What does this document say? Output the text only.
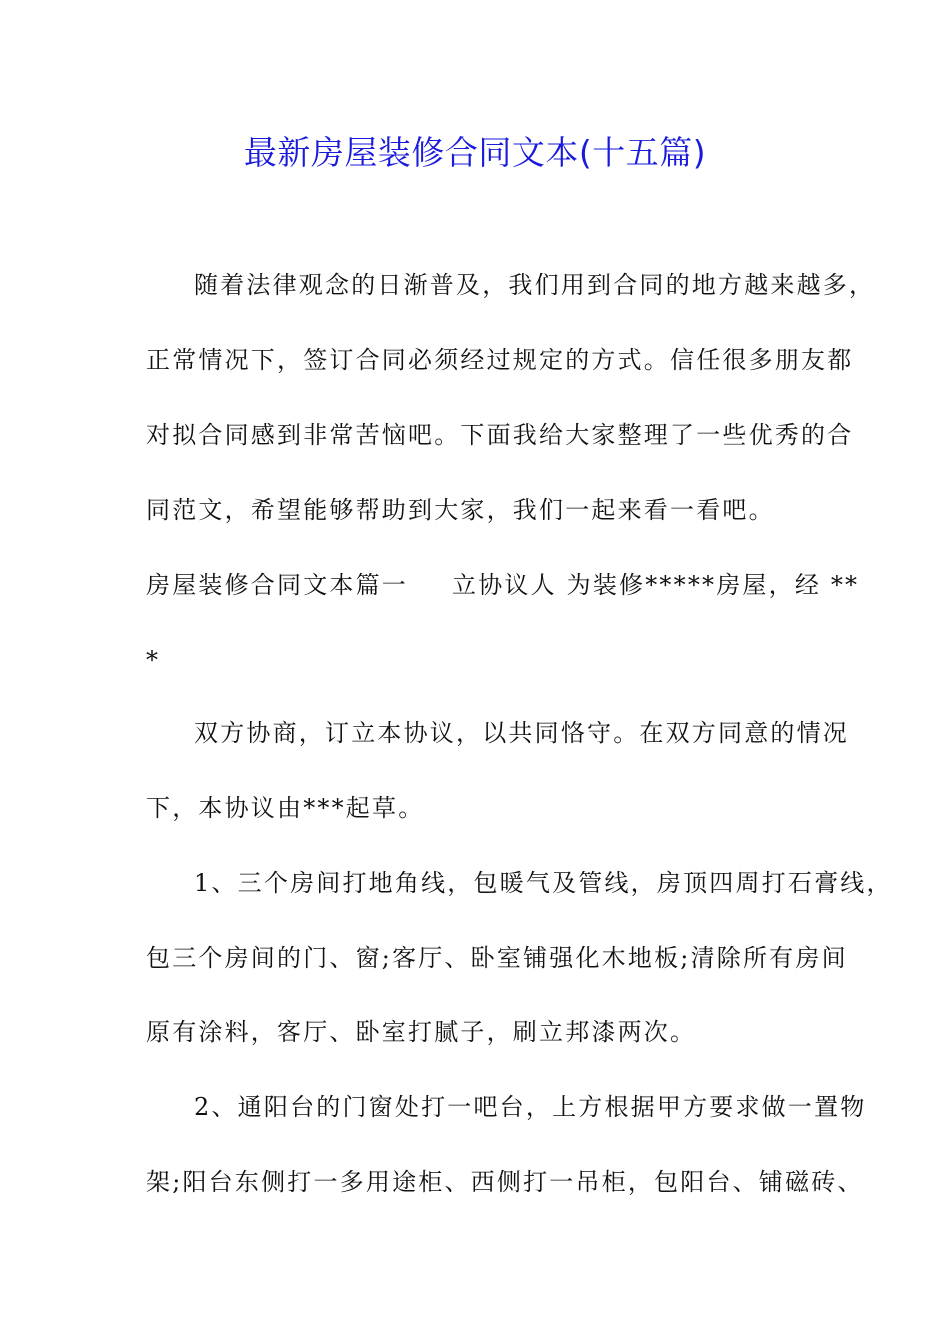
最新房屋装修合同文本(十五篇)
随着法律观念的日渐普及，我们用到合同的地方越来越多，
正常情况下，签订合同必须经过规定的方式。信任很多朋友都
对拟合同感到非常苦恼吧。下面我给大家整理了一些优秀的合
同范文，希望能够帮助到大家，我们一起来看一看吧。
房屋装修合同文本篇一 立协议人 为装修*****房屋，经 **
*
双方协商，订立本协议，以共同恪守。在双方同意的情况
下，本协议由***起草。
1、三个房间打地角线，包暖气及管线，房顶四周打石膏线，
包三个房间的门、窗;客厅、卧室铺强化木地板;清除所有房间
原有涂料，客厅、卧室打腻子，刷立邦漆两次。
2、通阳台的门窗处打一吧台，上方根据甲方要求做一置物
架;阳台东侧打一多用途柜、西侧打一吊柜，包阳台、铺磁砖、
